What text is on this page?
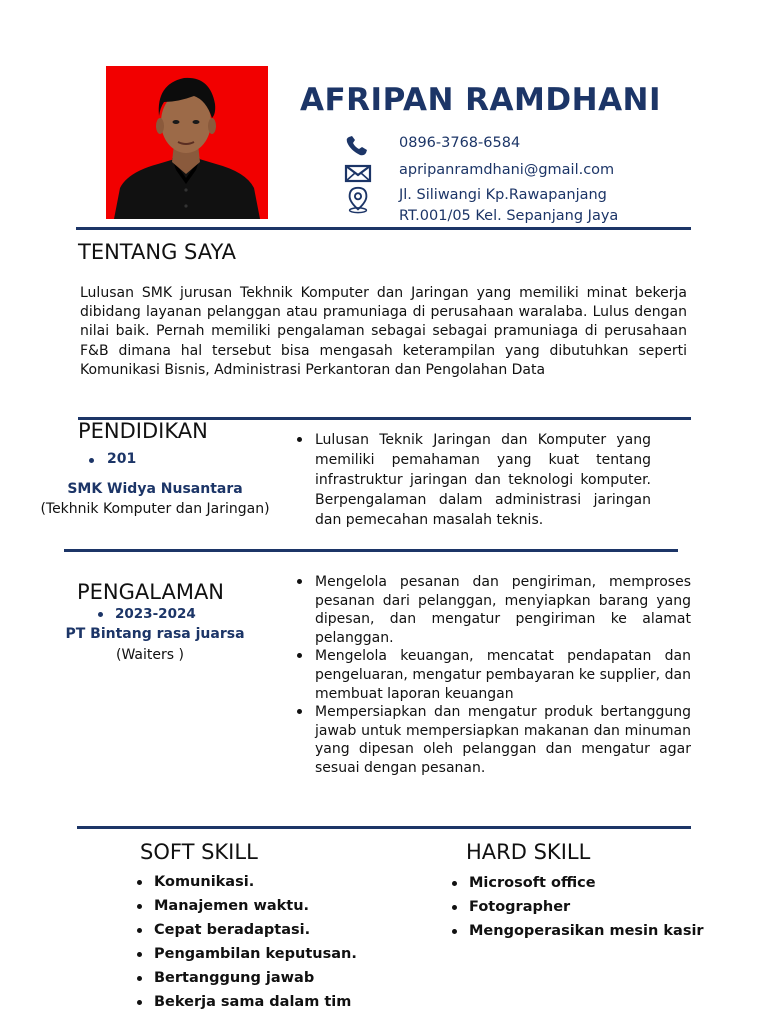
AFRIPAN RAMDHANI
0896-3768-6584
apripanramdhani@gmail.com
Jl. Siliwangi Kp.Rawapanjang
RT.001/05 Kel. Sepanjang Jaya
TENTANG SAYA
Lulusan SMK jurusan Tekhnik Komputer dan Jaringan yang memiliki minat bekerja dibidang layanan pelanggan atau pramuniaga di perusahaan waralaba. Lulus dengan nilai baik. Pernah memiliki pengalaman sebagai sebagai pramuniaga di perusahaan F&B dimana hal tersebut bisa mengasah keterampilan yang dibutuhkan seperti Komunikasi Bisnis, Administrasi Perkantoran dan Pengolahan Data
PENDIDIKAN
201
SMK Widya Nusantara
(Tekhnik Komputer dan Jaringan)
Lulusan Teknik Jaringan dan Komputer yang memiliki pemahaman yang kuat tentang infrastruktur jaringan dan teknologi komputer. Berpengalaman dalam administrasi jaringan dan pemecahan masalah teknis.
PENGALAMAN
2023-2024
PT Bintang rasa juarsa
(Waiters )
Mengelola pesanan dan pengiriman, memproses pesanan dari pelanggan, menyiapkan barang yang dipesan, dan mengatur pengiriman ke alamat pelanggan.
Mengelola keuangan, mencatat pendapatan dan pengeluaran, mengatur pembayaran ke supplier, dan membuat laporan keuangan
Mempersiapkan dan mengatur produk bertanggung jawab untuk mempersiapkan makanan dan minuman yang dipesan oleh pelanggan dan mengatur agar sesuai dengan pesanan.
SOFT SKILL
Komunikasi.
Manajemen waktu.
Cepat beradaptasi.
Pengambilan keputusan.
Bertanggung jawab
Bekerja sama dalam tim
HARD SKILL
Microsoft office
Fotographer
Mengoperasikan mesin kasir
